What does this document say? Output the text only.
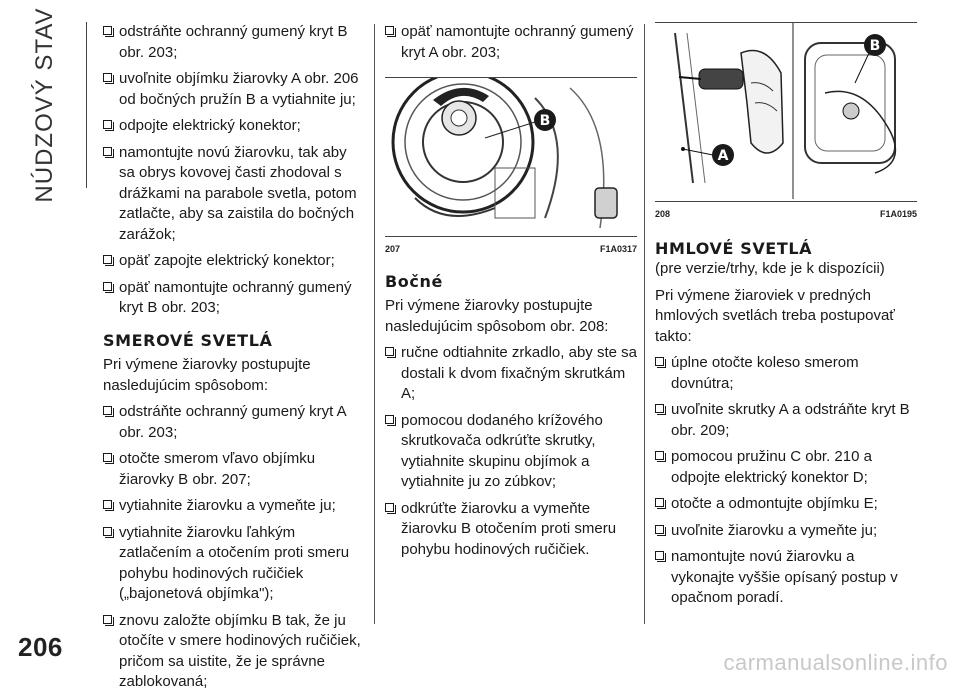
NÚDZOVÝ STAV
206
carmanualsonline.info
odstráňte ochranný gumený kryt B obr. 203;
uvoľnite objímku žiarovky A obr. 206 od bočných pružín B a vytiahnite ju;
odpojte elektrický konektor;
namontujte novú žiarovku, tak aby sa obrys kovovej časti zhodoval s drážkami na parabole svetla, potom zatlačte, aby sa zaistila do bočných zarážok;
opäť zapojte elektrický konektor;
opäť namontujte ochranný gumený kryt B obr. 203;
SMEROVÉ SVETLÁ

Pri výmene žiarovky postupujte nasledujúcim spôsobom:

odstráňte ochranný gumený kryt A obr. 203;
otočte smerom vľavo objímku žiarovky B obr. 207;
vytiahnite žiarovku a vymeňte ju;
vytiahnite žiarovku ľahkým zatlačením a otočením proti smeru pohybu hodinových ručičiek („bajonetová objímka");
znovu založte objímku B tak, že ju otočíte v smere hodinových ručičiek, pričom sa uistite, že je správne zablokovaná;
opäť namontujte ochranný gumený kryt A obr. 203;
B
207	F1A0317
Bočné

Pri výmene žiarovky postupujte nasledujúcim spôsobom obr. 208:

ručne odtiahnite zrkadlo, aby ste sa dostali k dvom fixačným skrutkám A;
pomocou dodaného krížového skrutkovača odkrúťte skrutky, vytiahnite skupinu objímok a vytiahnite ju zo zúbkov;
odkrúťte žiarovku a vymeňte žiarovku B otočením proti smeru pohybu hodinových ručičiek.
A
B
208	F1A0195
HMLOVÉ SVETLÁ

(pre verzie/trhy, kde je k dispozícii)

Pri výmene žiaroviek v predných hmlových svetlách treba postupovať takto:

úplne otočte koleso smerom dovnútra;
uvoľnite skrutky A a odstráňte kryt B obr. 209;
pomocou pružinu C obr. 210 a odpojte elektrický konektor D;
otočte a odmontujte objímku E;
uvoľnite žiarovku a vymeňte ju;
namontujte novú žiarovku a vykonajte vyššie opísaný postup v opačnom poradí.
